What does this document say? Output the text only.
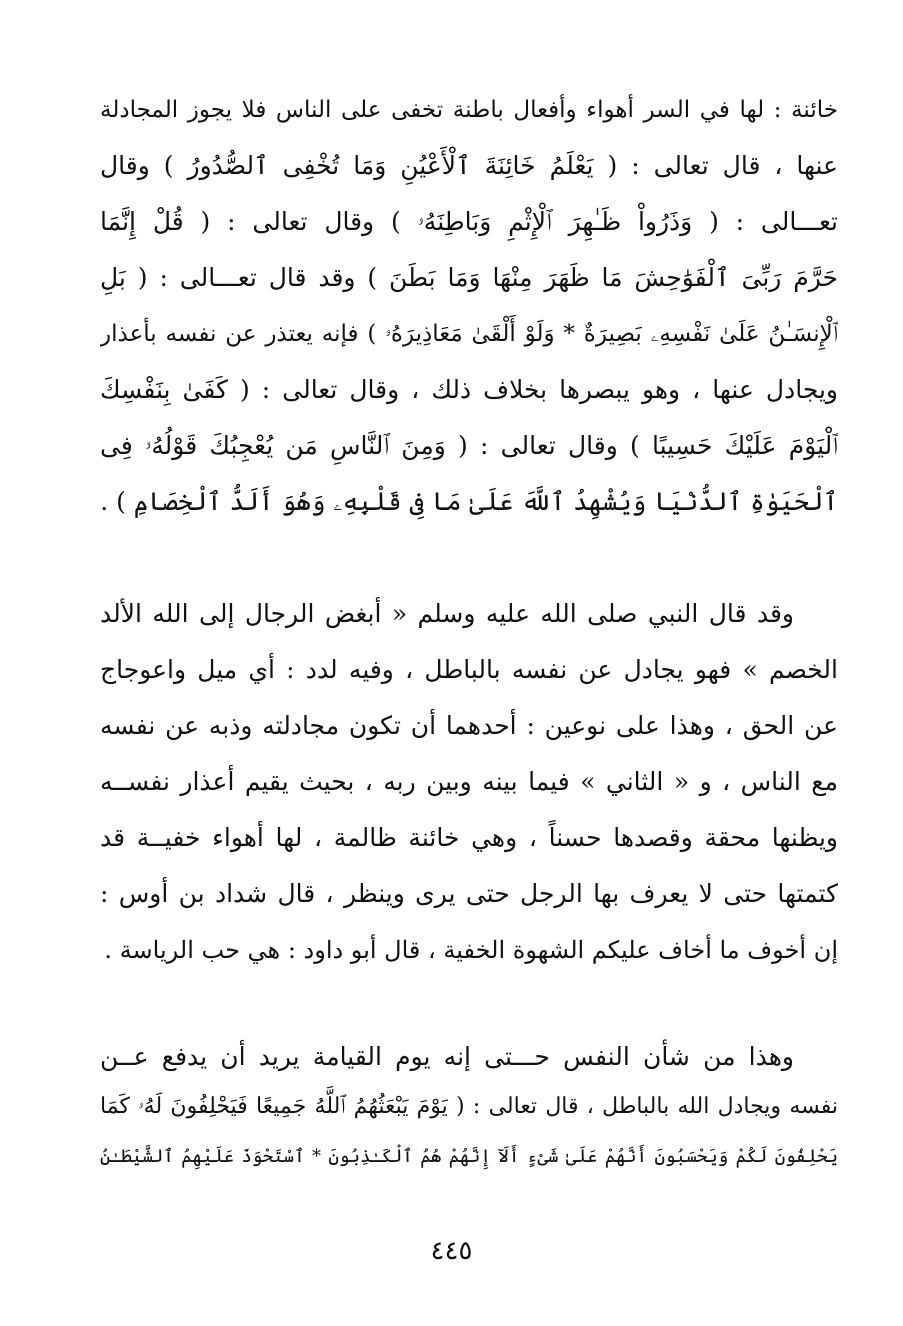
خائنة : لها في السر أهواء وأفعال باطنة تخفى على الناس فلا يجوز المجادلة
عنها ، قال تعالى : ( يَعْلَمُ خَائِنَةَ ٱلْأَعْيُنِ وَمَا تُخْفِى ٱلصُّدُورُ ) وقال
تعـــالى : ( وَذَرُواْ ظَـٰهِرَ ٱلْإِثْمِ وَبَاطِنَهُۥ ) وقال تعالى : ( قُلْ إِنَّمَا
حَرَّمَ رَبِّىَ ٱلْفَوَٰحِشَ مَا ظَهَرَ مِنْهَا وَمَا بَطَنَ ) وقد قال تعـــالى : ( بَلِ
ٱلْإِنسَـٰنُ عَلَىٰ نَفْسِهِۦ بَصِيرَةٌ * وَلَوْ أَلْقَىٰ مَعَاذِيرَهُۥ ) فإنه يعتذر عن نفسه بأعذار
ويجادل عنها ، وهو يبصرها بخلاف ذلك ، وقال تعالى : ( كَفَىٰ بِنَفْسِكَ
ٱلْيَوْمَ عَلَيْكَ حَسِيبًا ) وقال تعالى : ( وَمِنَ ٱلنَّاسِ مَن يُعْجِبُكَ قَوْلُهُۥ فِى
ٱلْحَيَوٰةِ ٱلدُّنْيَا وَيُشْهِدُ ٱللَّهَ عَلَىٰ مَا فِى قَلْبِهِۦ وَهُوَ أَلَدُّ ٱلْخِصَامِ ) .
وقد قال النبي صلى الله عليه وسلم « أبغض الرجال إلى الله الألد
الخصم » فهو يجادل عن نفسه بالباطل ، وفيه لدد : أي ميل واعوجاج
عن الحق ، وهذا على نوعين : أحدهما أن تكون مجادلته وذبه عن نفسه
مع الناس ، و « الثاني » فيما بينه وبين ربه ، بحيث يقيم أعذار نفســه
ويظنها محقة وقصدها حسناً ، وهي خائنة ظالمة ، لها أهواء خفيــة قد
كتمتها حتى لا يعرف بها الرجل حتى يرى وينظر ، قال شداد بن أوس :
إن أخوف ما أخاف عليكم الشهوة الخفية ، قال أبو داود : هي حب الرياسة .
وهذا من شأن النفس حـــتى إنه يوم القيامة يريد أن يدفع عــن
نفسه ويجادل الله بالباطل ، قال تعالى : ( يَوْمَ يَبْعَثُهُمُ ٱللَّهُ جَمِيعًا فَيَحْلِفُونَ لَهُۥ كَمَا
يَحْلِفُونَ لَكُمْ وَيَحْسَبُونَ أَنَّهُمْ عَلَىٰ شَىْءٍ أَلَآ إِنَّهُمْ هُمُ ٱلْكَـٰذِبُونَ * ٱسْتَحْوَذَ عَلَيْهِمُ ٱلشَّيْطَـٰنُ
٤٤٥
